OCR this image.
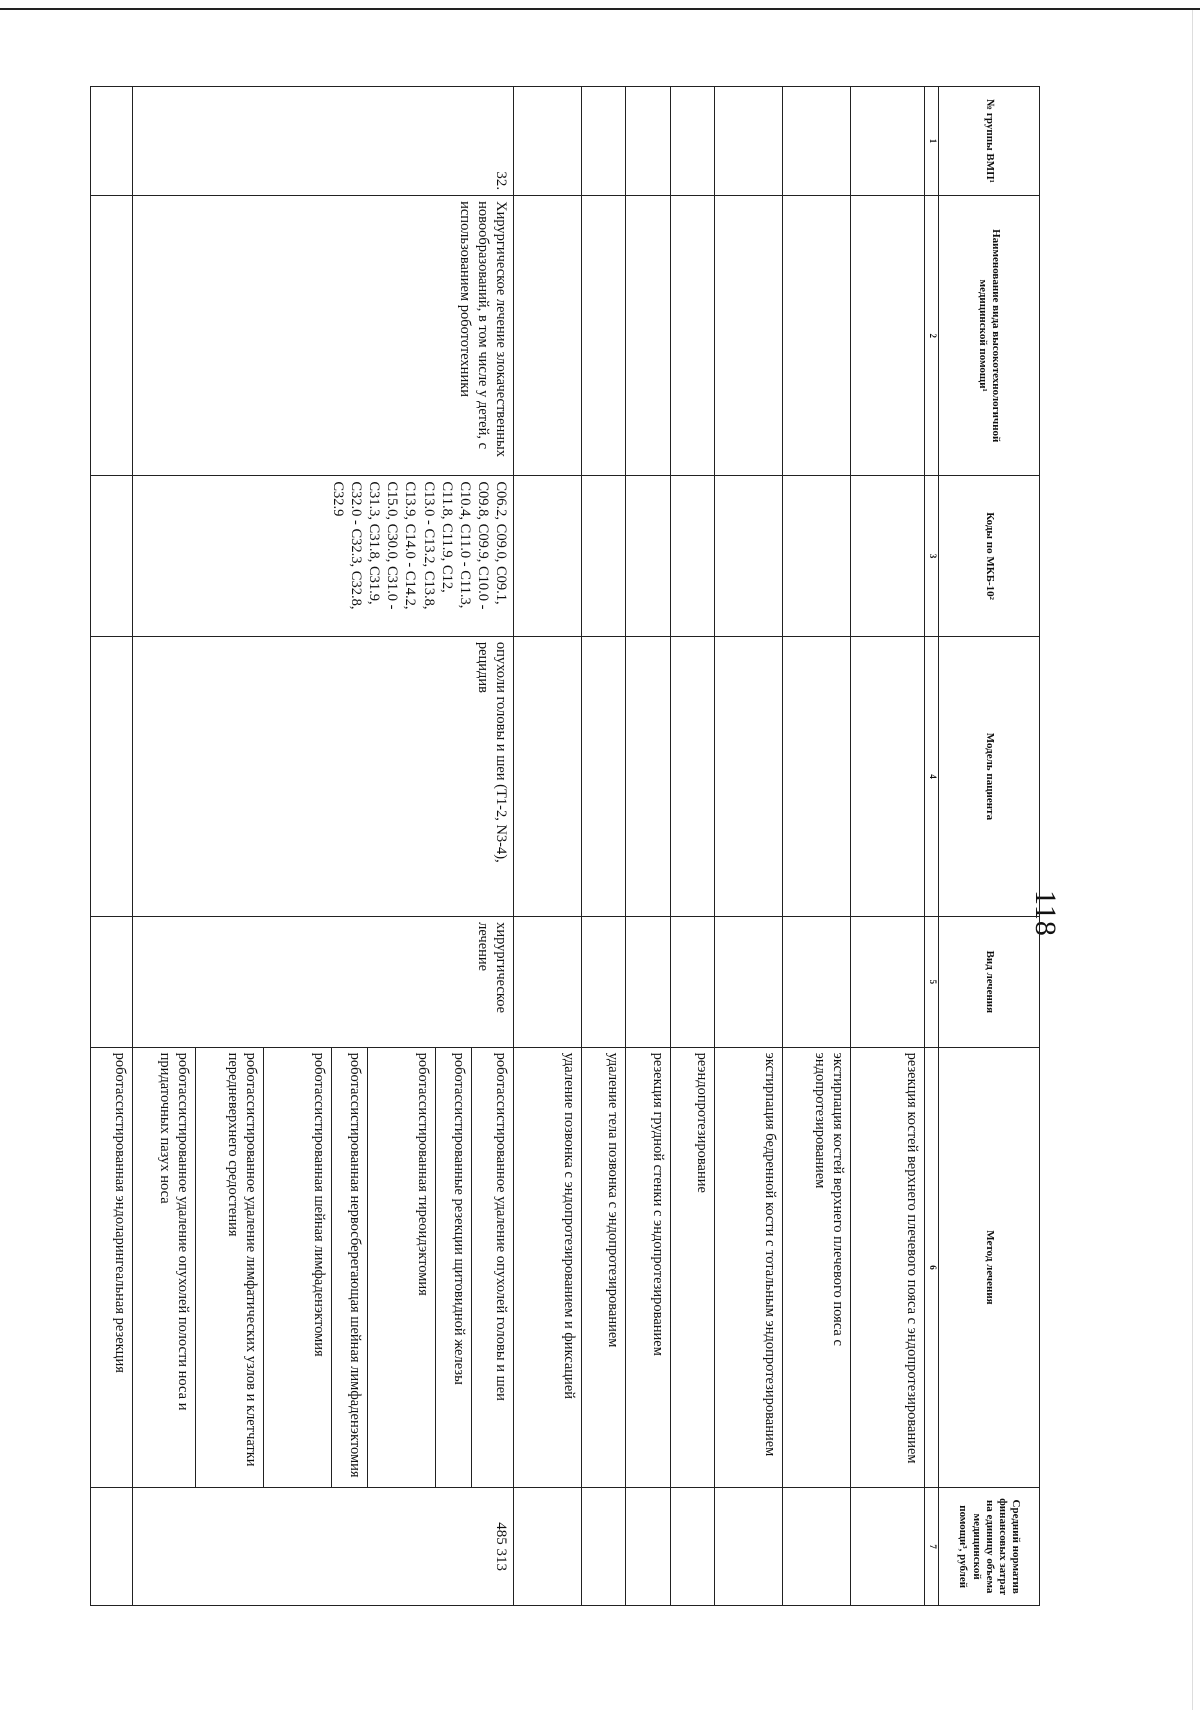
118
№ группы ВМП¹	Наименование вида высокотехнологичной медицинской помощи¹	Коды по МКБ-10²	Модель пациента	Вид лечения	Метод лечения	Средний норматив финансовых затрат на единицу объема медицинской помощи³, рублей
1	2	3	4	5	6	7
					резекция костей верхнего плечевого пояса с эндопротезированием	
					экстирпация костей верхнего плечевого пояса с эндопротезированием	
					экстирпация бедренной кости с тотальным эндопротезированием	
					реэндопротезирование	
					резекция грудной стенки с эндопротезированием	
					удаление тела позвонка с эндопротезированием	
					удаление позвонка с эндопротезированием и фиксацией	
32.	Хирургическое лечение злокачественных новообразований, в том числе у детей, с использованием робототехники	C06.2, C09.0, C09.1, C09.8, C09.9, C10.0 - C10.4, C11.0 - C11.3, C11.8, C11.9, C12, C13.0 - C13.2, C13.8, C13.9, C14.0 - C14.2, C15.0, C30.0, C31.0 - C31.3, C31.8, C31.9, C32.0 - C32.3, C32.8, C32.9	опухоли головы и шеи (T1-2, N3-4), рецидив	хирургическое лечение	роботассистированное удаление опухолей головы и шеи	485 313
					роботассистированные резекции щитовидной железы	
					роботассистированная тиреоидэктомия	
					роботассистированная нервосберегающая шейная лимфаденэктомия	
					роботассистированная шейная лимфаденэктомия	
					роботассистированное удаление лимфатических узлов и клетчатки передневерхнего средостения	
					роботассистированное удаление опухолей полости носа и придаточных пазух носа	
					роботассистированная эндоларингеальная резекция	
